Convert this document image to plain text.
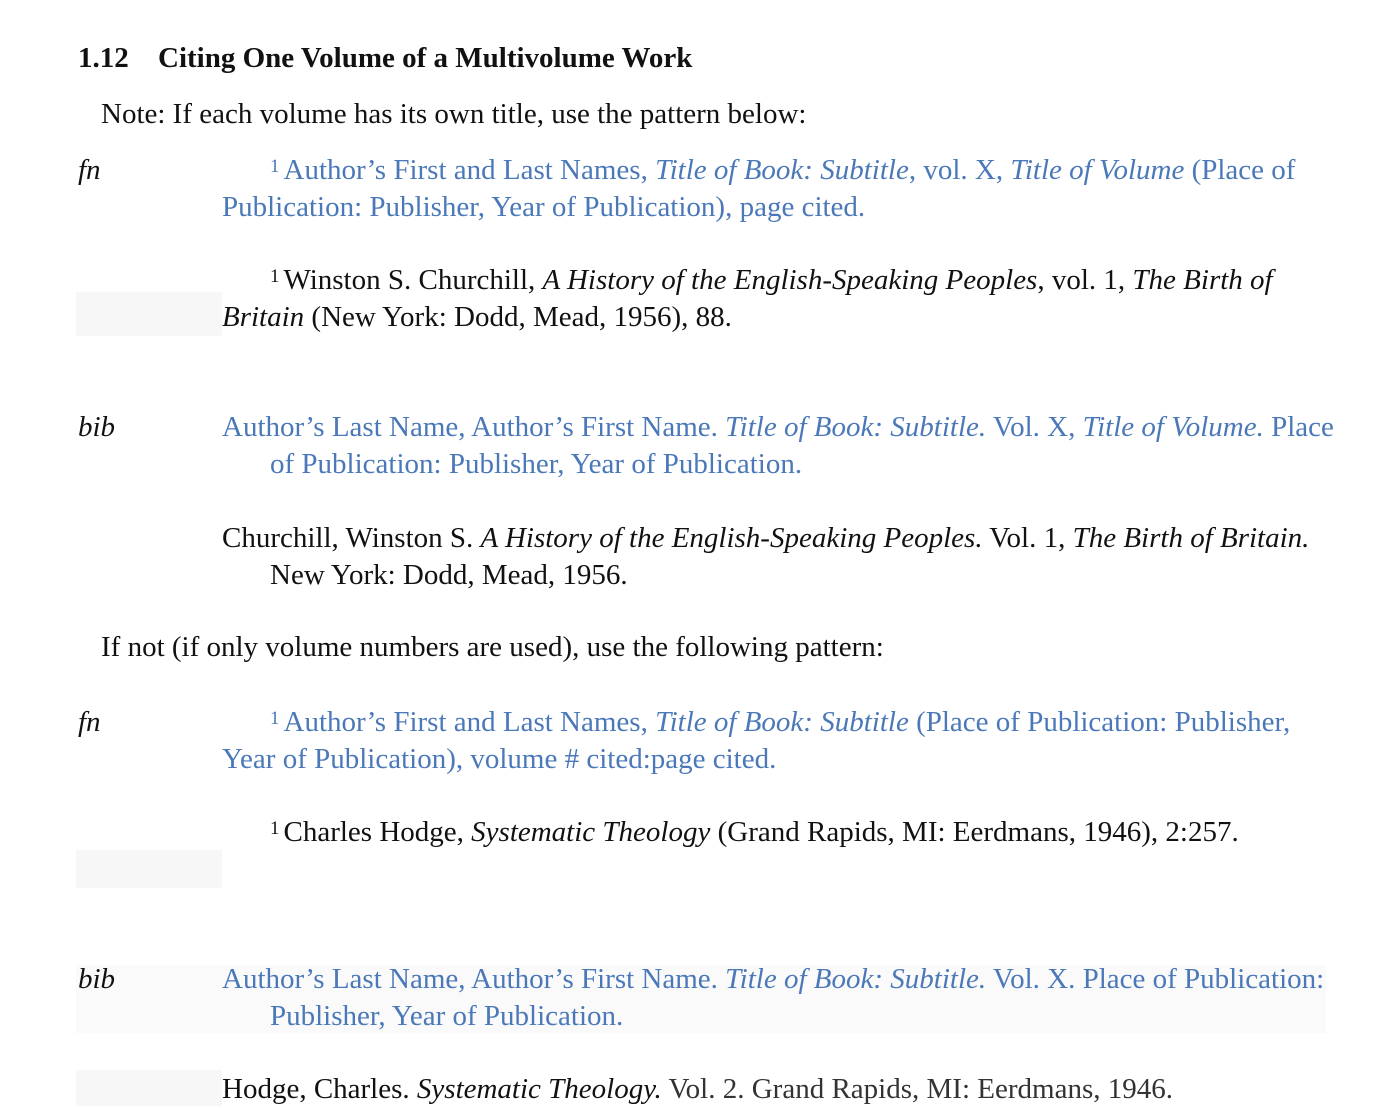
1.12 Citing One Volume of a Multivolume Work
Note: If each volume has its own title, use the pattern below:
fn	$^1$ Author’s First and Last Names, Title of Book: Subtitle, vol. X, Title of Volume (Place of Publication: Publisher, Year of Publication), page cited.
$^1$ Winston S. Churchill, A History of the English-Speaking Peoples, vol. 1, The Birth of Britain (New York: Dodd, Mead, 1956), 88.
bib	Author’s Last Name, Author’s First Name. Title of Book: Subtitle. Vol. X, Title of Volume. Place of Publication: Publisher, Year of Publication.
Churchill, Winston S. A History of the English-Speaking Peoples. Vol. 1, The Birth of Britain. New York: Dodd, Mead, 1956.
If not (if only volume numbers are used), use the following pattern:
fn	$^1$ Author’s First and Last Names, Title of Book: Subtitle (Place of Publication: Publisher, Year of Publication), volume # cited:page cited.
$^1$ Charles Hodge, Systematic Theology (Grand Rapids, MI: Eerdmans, 1946), 2:257.
bib	Author’s Last Name, Author’s First Name. Title of Book: Subtitle. Vol. X. Place of Publication: Publisher, Year of Publication.
Hodge, Charles. Systematic Theology. Vol. 2. Grand Rapids, MI: Eerdmans, 1946.
